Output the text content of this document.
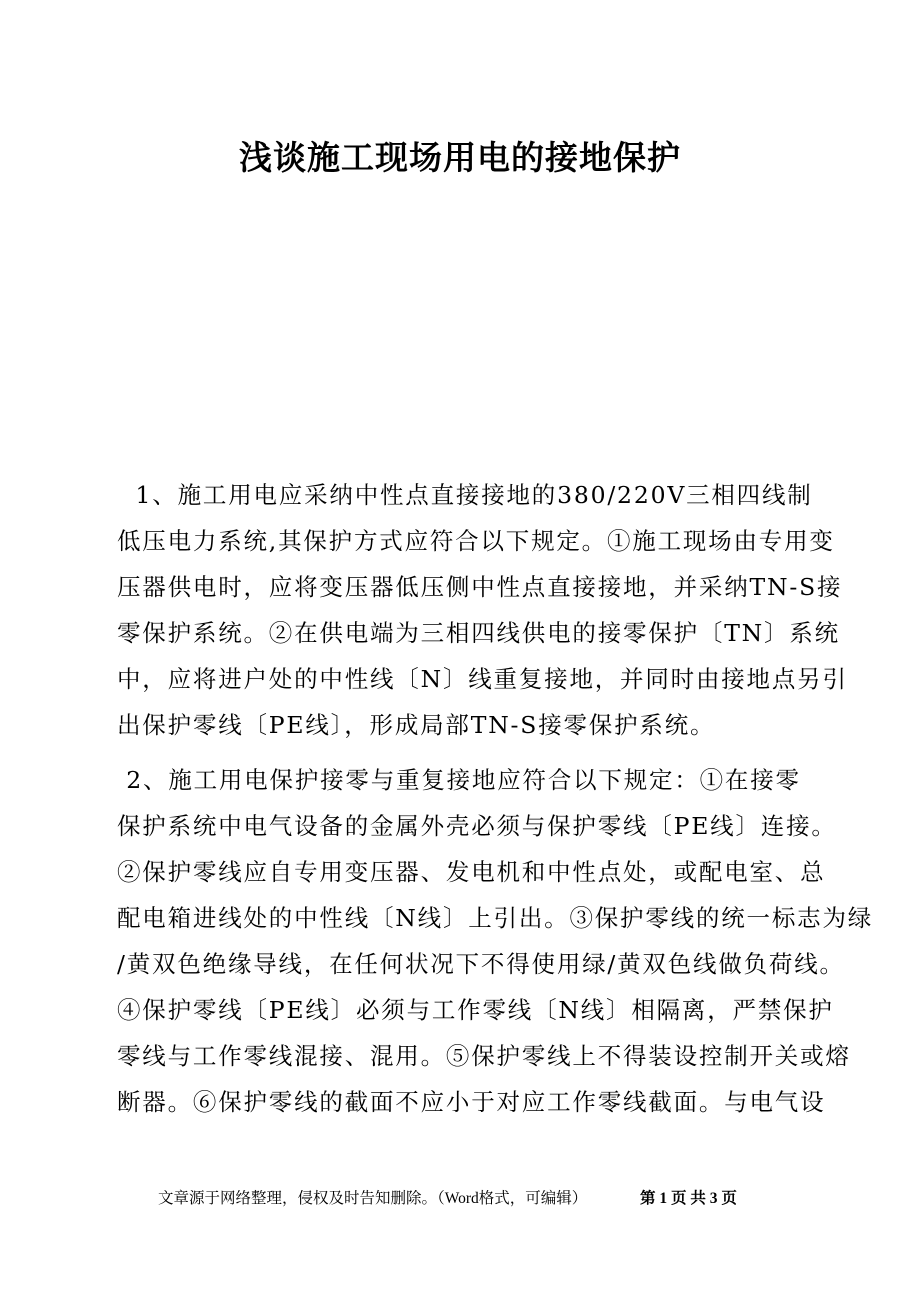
浅谈施工现场用电的接地保护
1、施工用电应采纳中性点直接接地的380/220V三相四线制
低压电力系统,其保护方式应符合以下规定。①施工现场由专用变
压器供电时，应将变压器低压侧中性点直接接地，并采纳TN-S接
零保护系统。②在供电端为三相四线供电的接零保护〔TN〕系统
中，应将进户处的中性线〔N〕线重复接地，并同时由接地点另引
出保护零线〔PE线〕，形成局部TN-S接零保护系统。
2、施工用电保护接零与重复接地应符合以下规定：①在接零
保护系统中电气设备的金属外壳必须与保护零线〔PE线〕连接。
②保护零线应自专用变压器、发电机和中性点处，或配电室、总
配电箱进线处的中性线〔N线〕上引出。③保护零线的统一标志为绿
/黄双色绝缘导线，在任何状况下不得使用绿/黄双色线做负荷线。
④保护零线〔PE线〕必须与工作零线〔N线〕相隔离，严禁保护
零线与工作零线混接、混用。⑤保护零线上不得装设控制开关或熔
断器。⑥保护零线的截面不应小于对应工作零线截面。与电气设
文章源于网络整理，侵权及时告知删除。（Word格式，可编辑）	第 1 页 共 3 页
